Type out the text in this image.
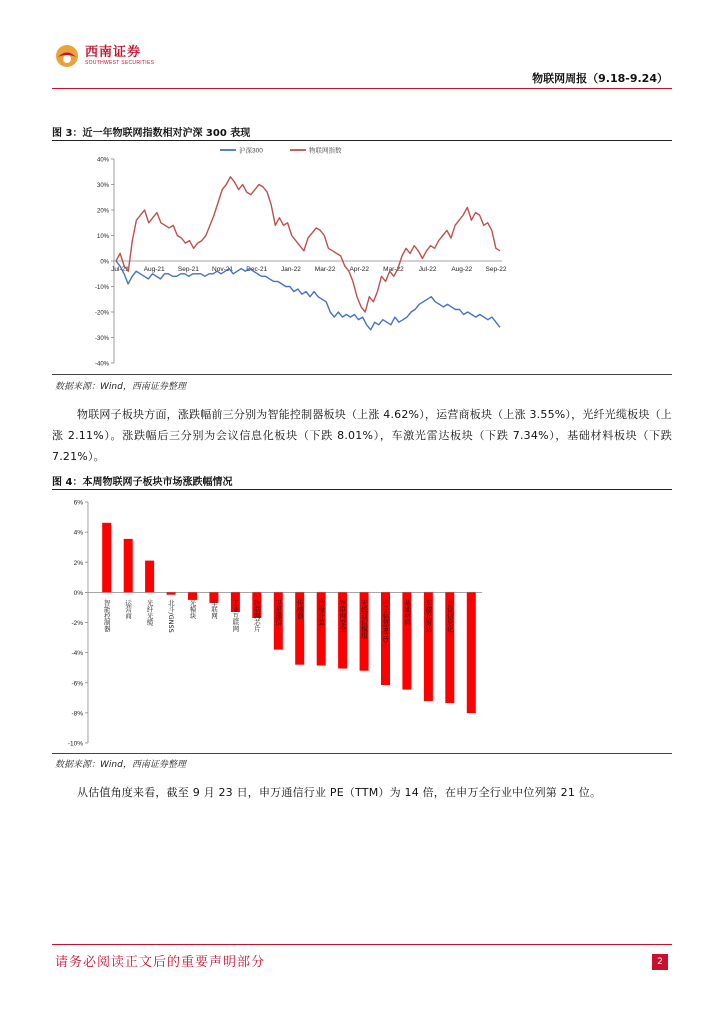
西南证券
SOUTHWEST SECURITIES
物联网周报（9.18-9.24）
图 3：近一年物联网指数相对沪深 300 表现
40%
30%
20%
10%
0%
-10%
-20%
-30%
-40%
Jul-21 Aug-21 Sep-21 Nov-21 Dec-21 Jan-22 Mar-22 Apr-22 Mar-22 Jul-22 Aug-22 Sep-22
沪深300	物联网指数
数据来源：Wind，西南证券整理

物联网子板块方面，涨跌幅前三分别为智能控制器板块（上涨 4.62%），运营商板块（上涨 3.55%），光纤光缆板块（上涨 2.11%）。涨跌幅后三分别为会议信息化板块（下跌 8.01%），车激光雷达板块（下跌 7.34%），基础材料板块（下跌 7.21%）。

图 4：本周物联网子板块市场涨跌幅情况
6%
4%
2%
0%
-2%
-4%
-6%
-8%
-10%
智能控制器 运营商 光纤光缆 北斗/GNSS 光模块 车联网 工业互联网 物联网芯片 卫星通信 传感器 边缘计算 物联网安全 无线通信模组 电子标签/RFID 基础材料 车激光雷达 会议信息化
数据来源：Wind，西南证券整理

从估值角度来看，截至 9 月 23 日，申万通信行业 PE（TTM）为 14 倍，在申万全行业中位列第 21 位。

请务必阅读正文后的重要声明部分	2
